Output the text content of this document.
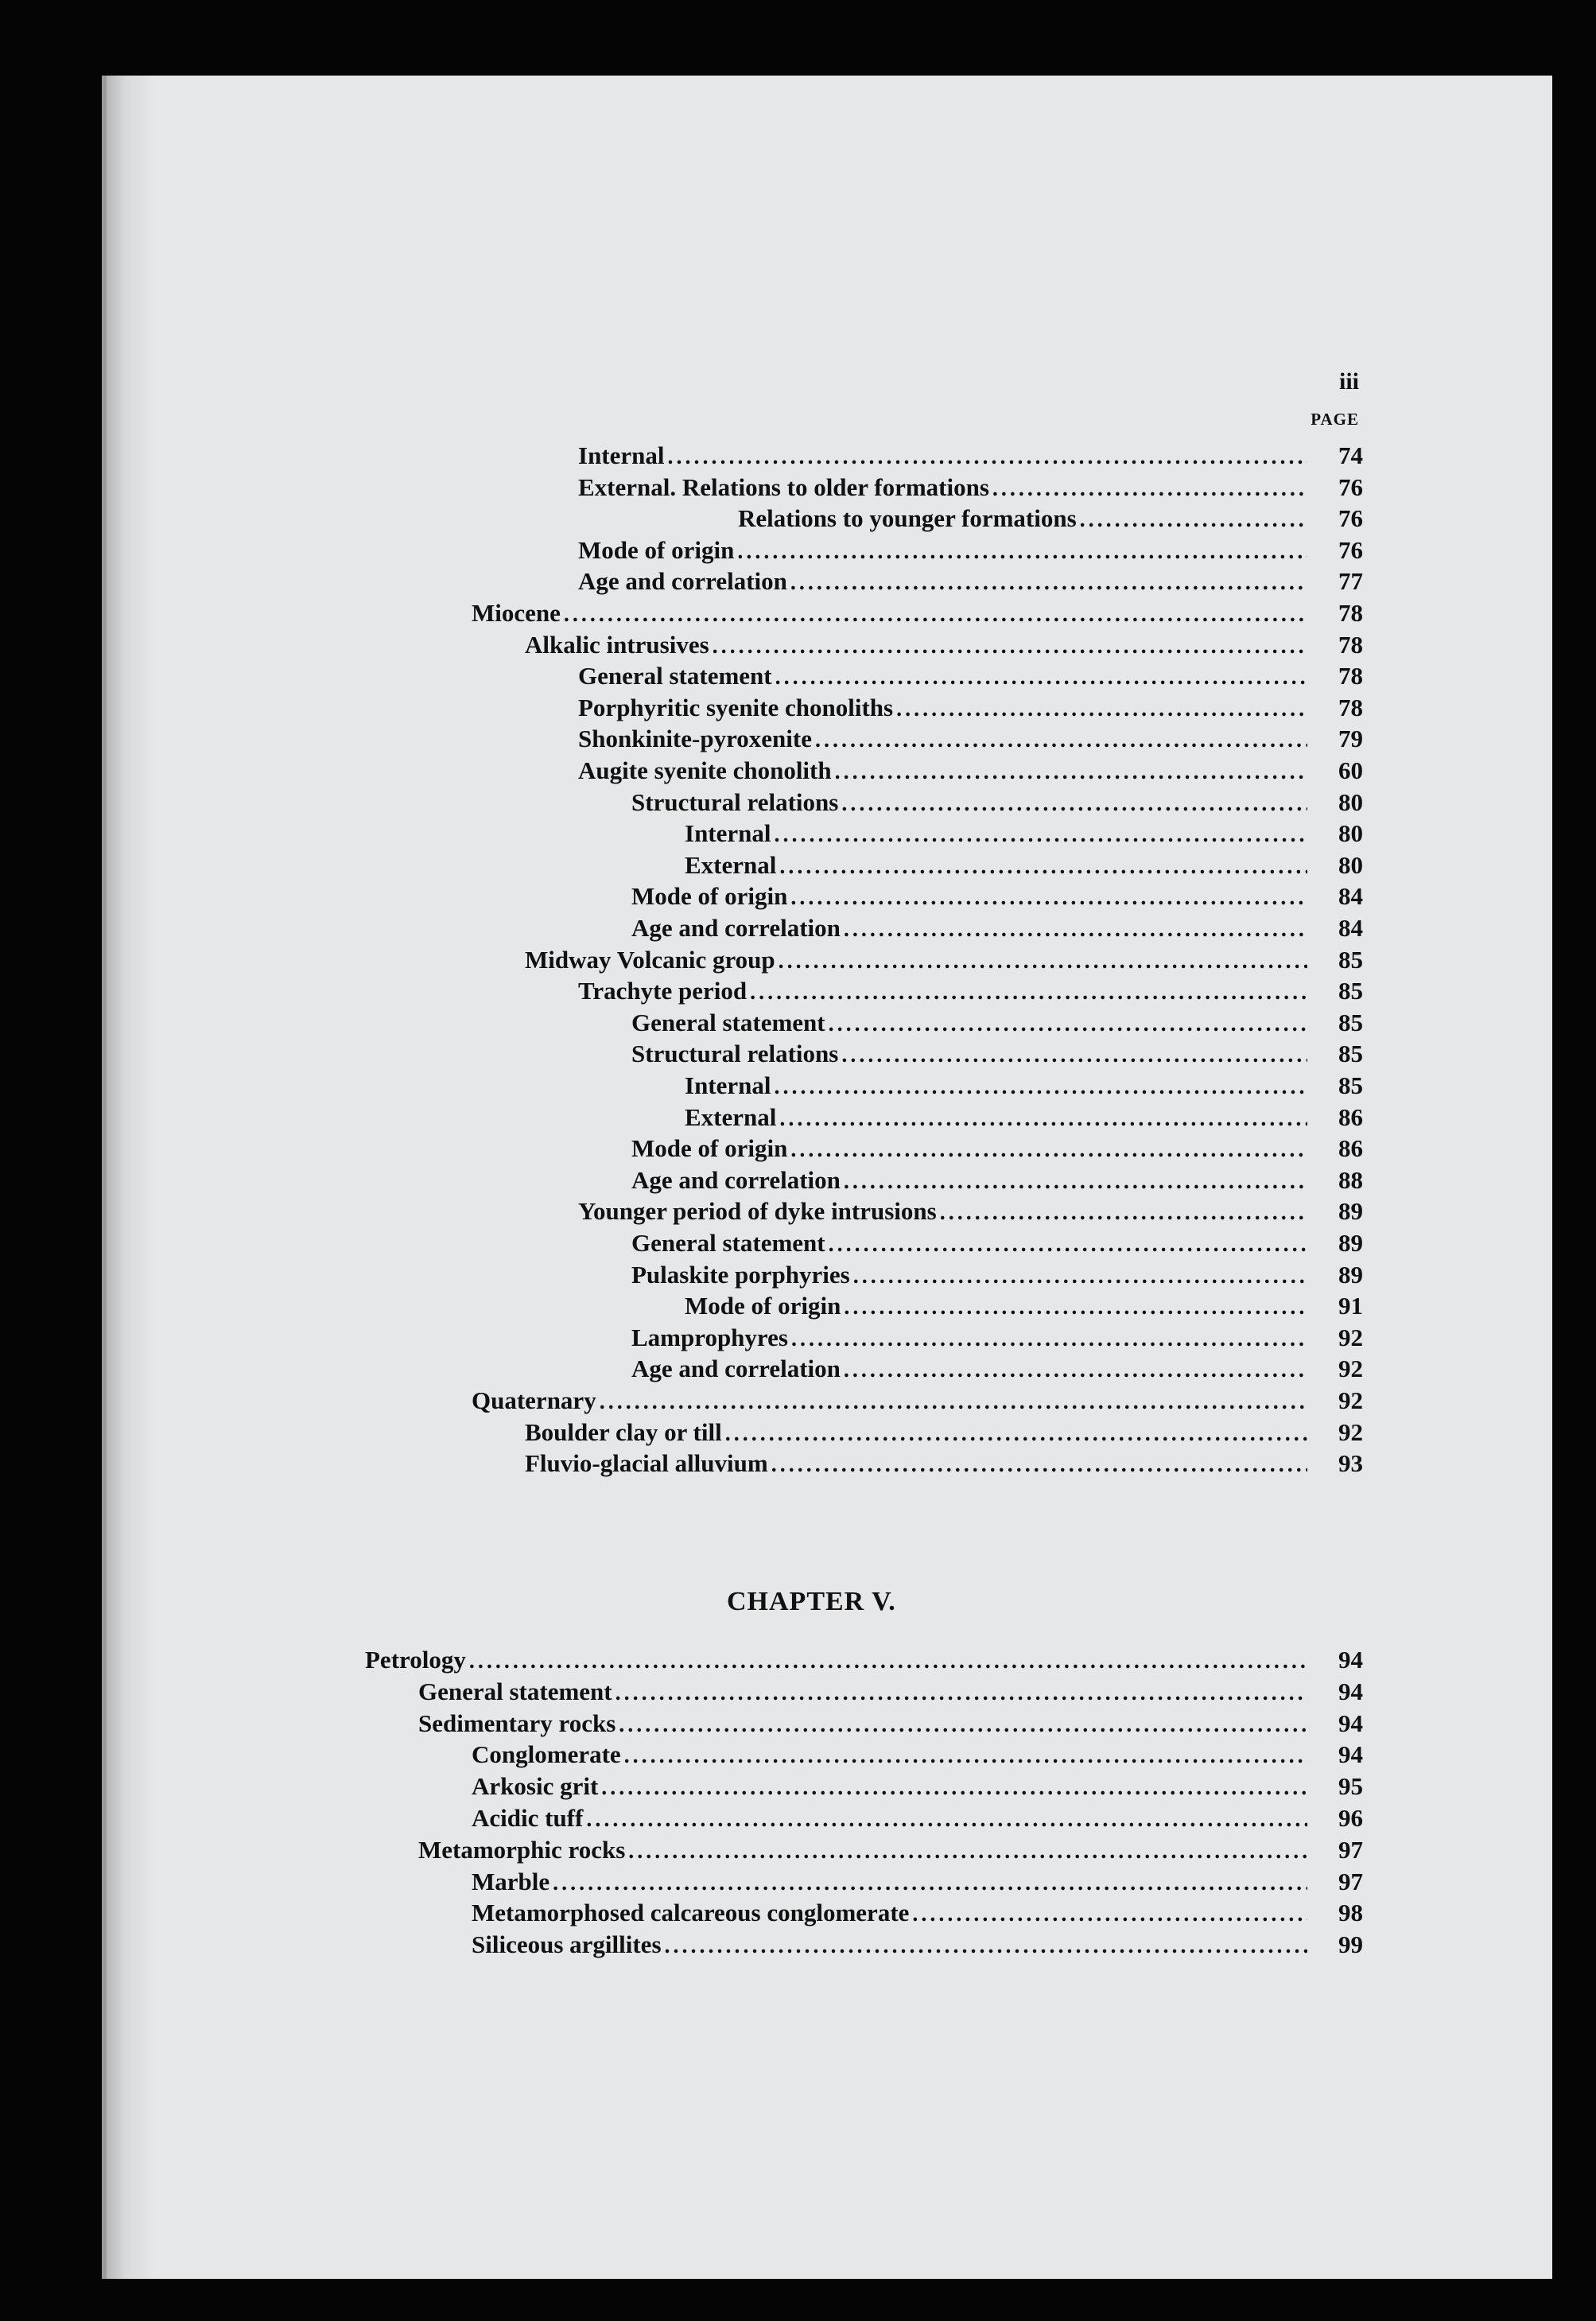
iii
PAGE
Internal .....	74
External. Relations to older formations .....	76
Relations to younger formations .....	76
Mode of origin .....	76
Age and correlation .....	77
Miocene .....	78
Alkalic intrusives .....	78
General statement .....	78
Porphyritic syenite chonoliths .....	78
Shonkinite-pyroxenite .....	79
Augite syenite chonolith .....	60
Structural relations .....	80
Internal .....	80
External .....	80
Mode of origin .....	84
Age and correlation .....	84
Midway Volcanic group .....	85
Trachyte period .....	85
General statement .....	85
Structural relations .....	85
Internal .....	85
External .....	86
Mode of origin .....	86
Age and correlation .....	88
Younger period of dyke intrusions .....	89
General statement .....	89
Pulaskite porphyries .....	89
Mode of origin .....	91
Lamprophyres .....	92
Age and correlation .....	92
Quaternary .....	92
Boulder clay or till .....	92
Fluvio-glacial alluvium .....	93
CHAPTER V.
Petrology .....	94
General statement .....	94
Sedimentary rocks .....	94
Conglomerate .....	94
Arkosic grit .....	95
Acidic tuff .....	96
Metamorphic rocks .....	97
Marble .....	97
Metamorphosed calcareous conglomerate .....	98
Siliceous argillites .....	99
